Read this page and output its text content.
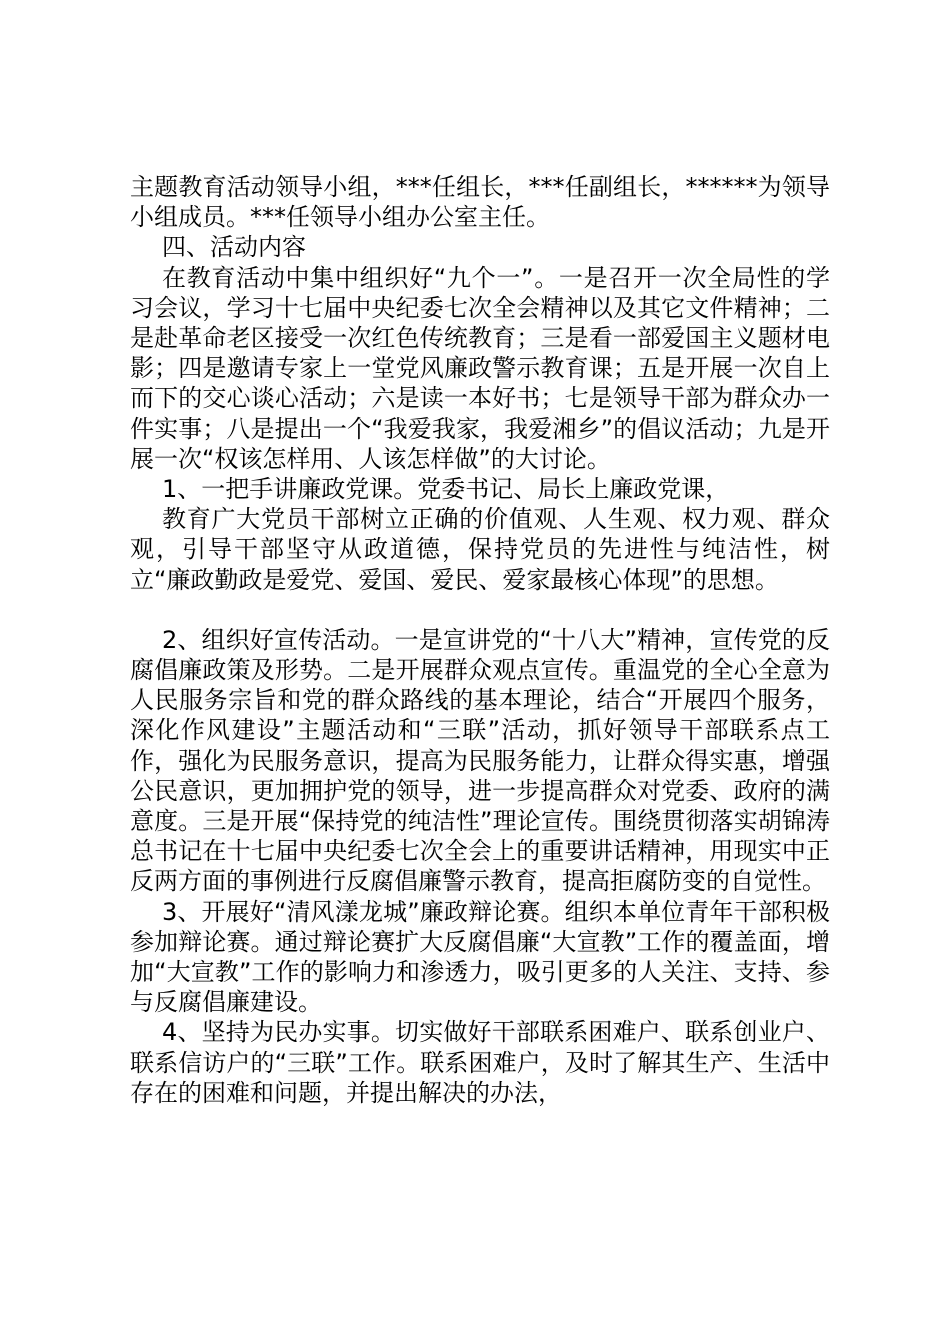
主题教育活动领导小组，***任组长，***任副组长，******为领导小组成员。***任领导小组办公室主任。

四、活动内容

在教育活动中集中组织好“九个一”。一是召开一次全局性的学习会议，学习十七届中央纪委七次全会精神以及其它文件精神；二是赴革命老区接受一次红色传统教育；三是看一部爱国主义题材电影；四是邀请专家上一堂党风廉政警示教育课；五是开展一次自上而下的交心谈心活动；六是读一本好书；七是领导干部为群众办一件实事；八是提出一个“我爱我家，我爱湘乡”的倡议活动；九是开展一次“权该怎样用、人该怎样做”的大讨论。

1、一把手讲廉政党课。党委书记、局长上廉政党课，

教育广大党员干部树立正确的价值观、人生观、权力观、群众观，引导干部坚守从政道德，保持党员的先进性与纯洁性，树立“廉政勤政是爱党、爱国、爱民、爱家最核心体现”的思想。

2、组织好宣传活动。一是宣讲党的“十八大”精神，宣传党的反腐倡廉政策及形势。二是开展群众观点宣传。重温党的全心全意为人民服务宗旨和党的群众路线的基本理论，结合“开展四个服务，深化作风建设”主题活动和“三联”活动，抓好领导干部联系点工作，强化为民服务意识，提高为民服务能力，让群众得实惠，增强公民意识，更加拥护党的领导，进一步提高群众对党委、政府的满意度。三是开展“保持党的纯洁性”理论宣传。围绕贯彻落实胡锦涛总书记在十七届中央纪委七次全会上的重要讲话精神，用现实中正反两方面的事例进行反腐倡廉警示教育，提高拒腐防变的自觉性。

3、开展好“清风漾龙城”廉政辩论赛。组织本单位青年干部积极参加辩论赛。通过辩论赛扩大反腐倡廉“大宣教”工作的覆盖面，增加“大宣教”工作的影响力和渗透力，吸引更多的人关注、支持、参与反腐倡廉建设。

4、坚持为民办实事。切实做好干部联系困难户、联系创业户、联系信访户的“三联”工作。联系困难户，及时了解其生产、生活中存在的困难和问题，并提出解决的办法，
